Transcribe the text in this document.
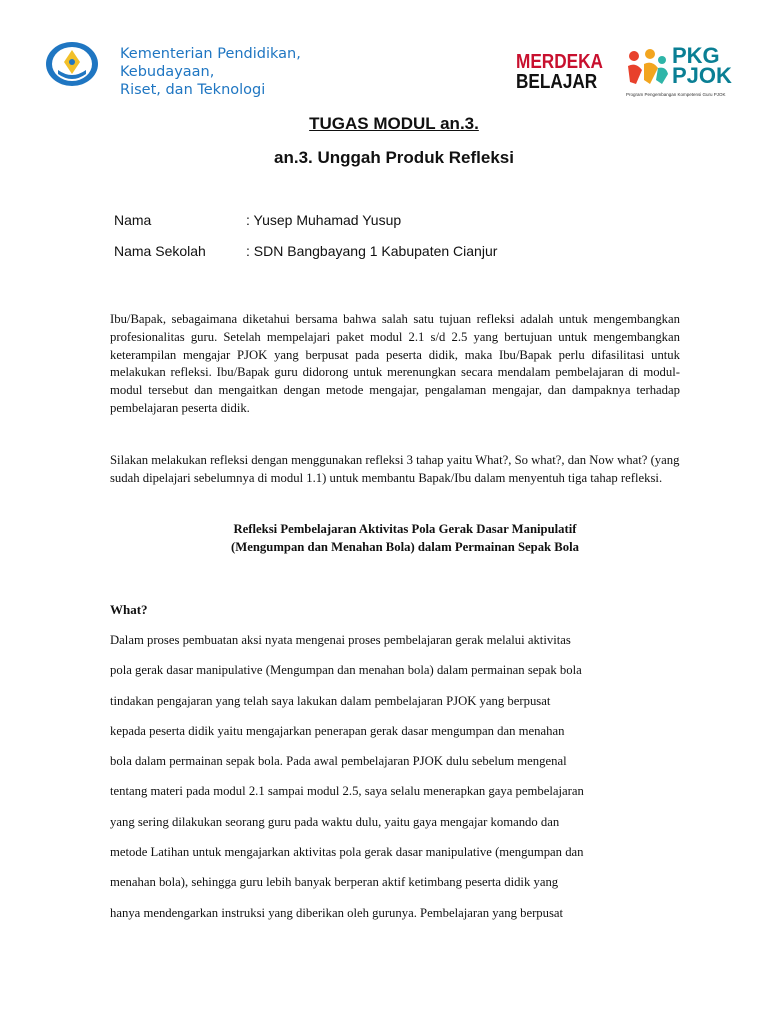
Kementerian Pendidikan,
Kebudayaan,
Riset, dan Teknologi
MERDEKA
BELAJAR
PKG
PJOK
Program Pengembangan Kompetensi Guru PJOK
TUGAS MODUL an.3.
an.3. Unggah Produk Refleksi
Nama	: Yusep Muhamad Yusup
Nama Sekolah	: SDN Bangbayang 1 Kabupaten Cianjur

Ibu/Bapak, sebagaimana diketahui bersama bahwa salah satu tujuan refleksi adalah untuk mengembangkan profesionalitas guru. Setelah mempelajari paket modul 2.1 s/d 2.5 yang bertujuan untuk mengembangkan keterampilan mengajar PJOK yang berpusat pada peserta didik, maka Ibu/Bapak perlu difasilitasi untuk melakukan refleksi. Ibu/Bapak guru didorong untuk merenungkan secara mendalam pembelajaran di modul-modul tersebut dan mengaitkan dengan metode mengajar, pengalaman mengajar, dan dampaknya terhadap pembelajaran peserta didik.

Silakan melakukan refleksi dengan menggunakan refleksi 3 tahap yaitu What?, So what?, dan Now what? (yang sudah dipelajari sebelumnya di modul 1.1) untuk membantu Bapak/Ibu dalam menyentuh tiga tahap refleksi.

Refleksi Pembelajaran Aktivitas Pola Gerak Dasar Manipulatif
(Mengumpan dan Menahan Bola) dalam Permainan Sepak Bola
What?
Dalam proses pembuatan aksi nyata mengenai proses pembelajaran gerak melalui aktivitas
pola gerak dasar manipulative (Mengumpan dan menahan bola) dalam permainan sepak bola
tindakan pengajaran yang telah saya lakukan dalam pembelajaran PJOK yang berpusat
kepada peserta didik yaitu mengajarkan penerapan gerak dasar mengumpan dan menahan
bola dalam permainan sepak bola. Pada awal pembelajaran PJOK dulu sebelum mengenal
tentang materi pada modul 2.1 sampai modul 2.5, saya selalu menerapkan gaya pembelajaran
yang sering dilakukan seorang guru pada waktu dulu, yaitu gaya mengajar komando dan
metode Latihan untuk mengajarkan aktivitas pola gerak dasar manipulative (mengumpan dan
menahan bola), sehingga guru lebih banyak berperan aktif ketimbang peserta didik yang
hanya mendengarkan instruksi yang diberikan oleh gurunya. Pembelajaran yang berpusat
